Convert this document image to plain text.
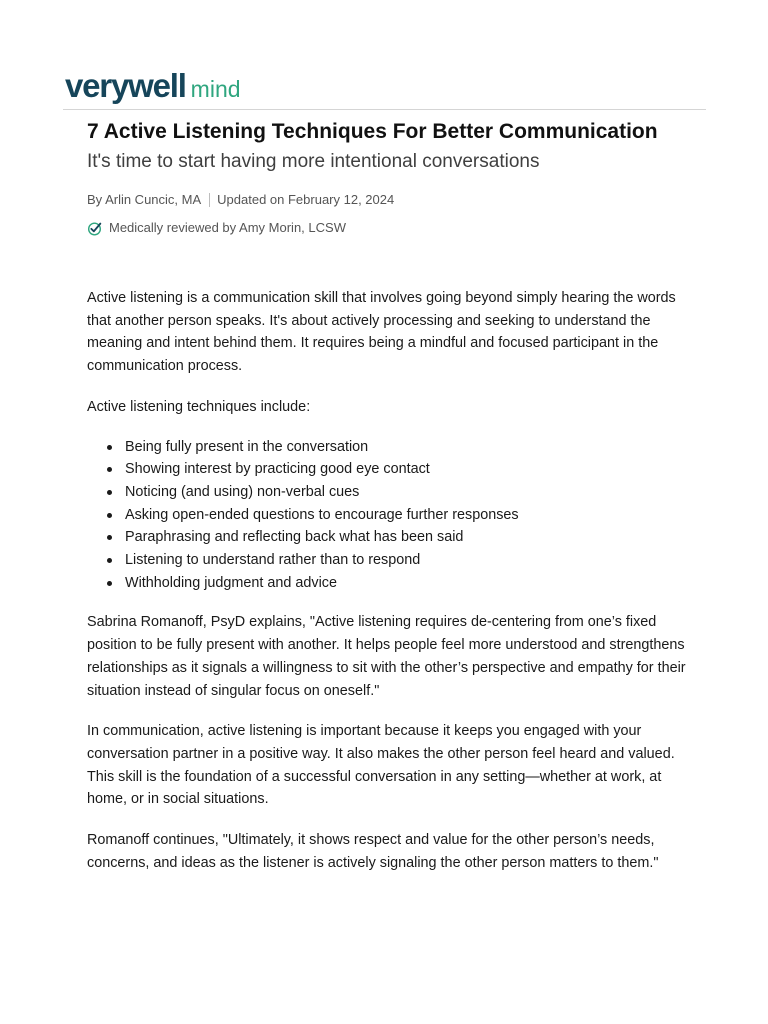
verywell mind
7 Active Listening Techniques For Better Communication
It's time to start having more intentional conversations
By Arlin Cuncic, MA Updated on February 12, 2024
Medically reviewed by Amy Morin, LCSW

Active listening is a communication skill that involves going beyond simply hearing the words that another person speaks. It's about actively processing and seeking to understand the meaning and intent behind them. It requires being a mindful and focused participant in the communication process.

Active listening techniques include:

Being fully present in the conversation
Showing interest by practicing good eye contact
Noticing (and using) non-verbal cues
Asking open-ended questions to encourage further responses
Paraphrasing and reflecting back what has been said
Listening to understand rather than to respond
Withholding judgment and advice

Sabrina Romanoff, PsyD explains, "Active listening requires de-centering from one’s fixed position to be fully present with another. It helps people feel more understood and strengthens relationships as it signals a willingness to sit with the other’s perspective and empathy for their situation instead of singular focus on oneself."

In communication, active listening is important because it keeps you engaged with your conversation partner in a positive way. It also makes the other person feel heard and valued. This skill is the foundation of a successful conversation in any setting—whether at work, at home, or in social situations.

Romanoff continues, "Ultimately, it shows respect and value for the other person’s needs, concerns, and ideas as the listener is actively signaling the other person matters to them."
